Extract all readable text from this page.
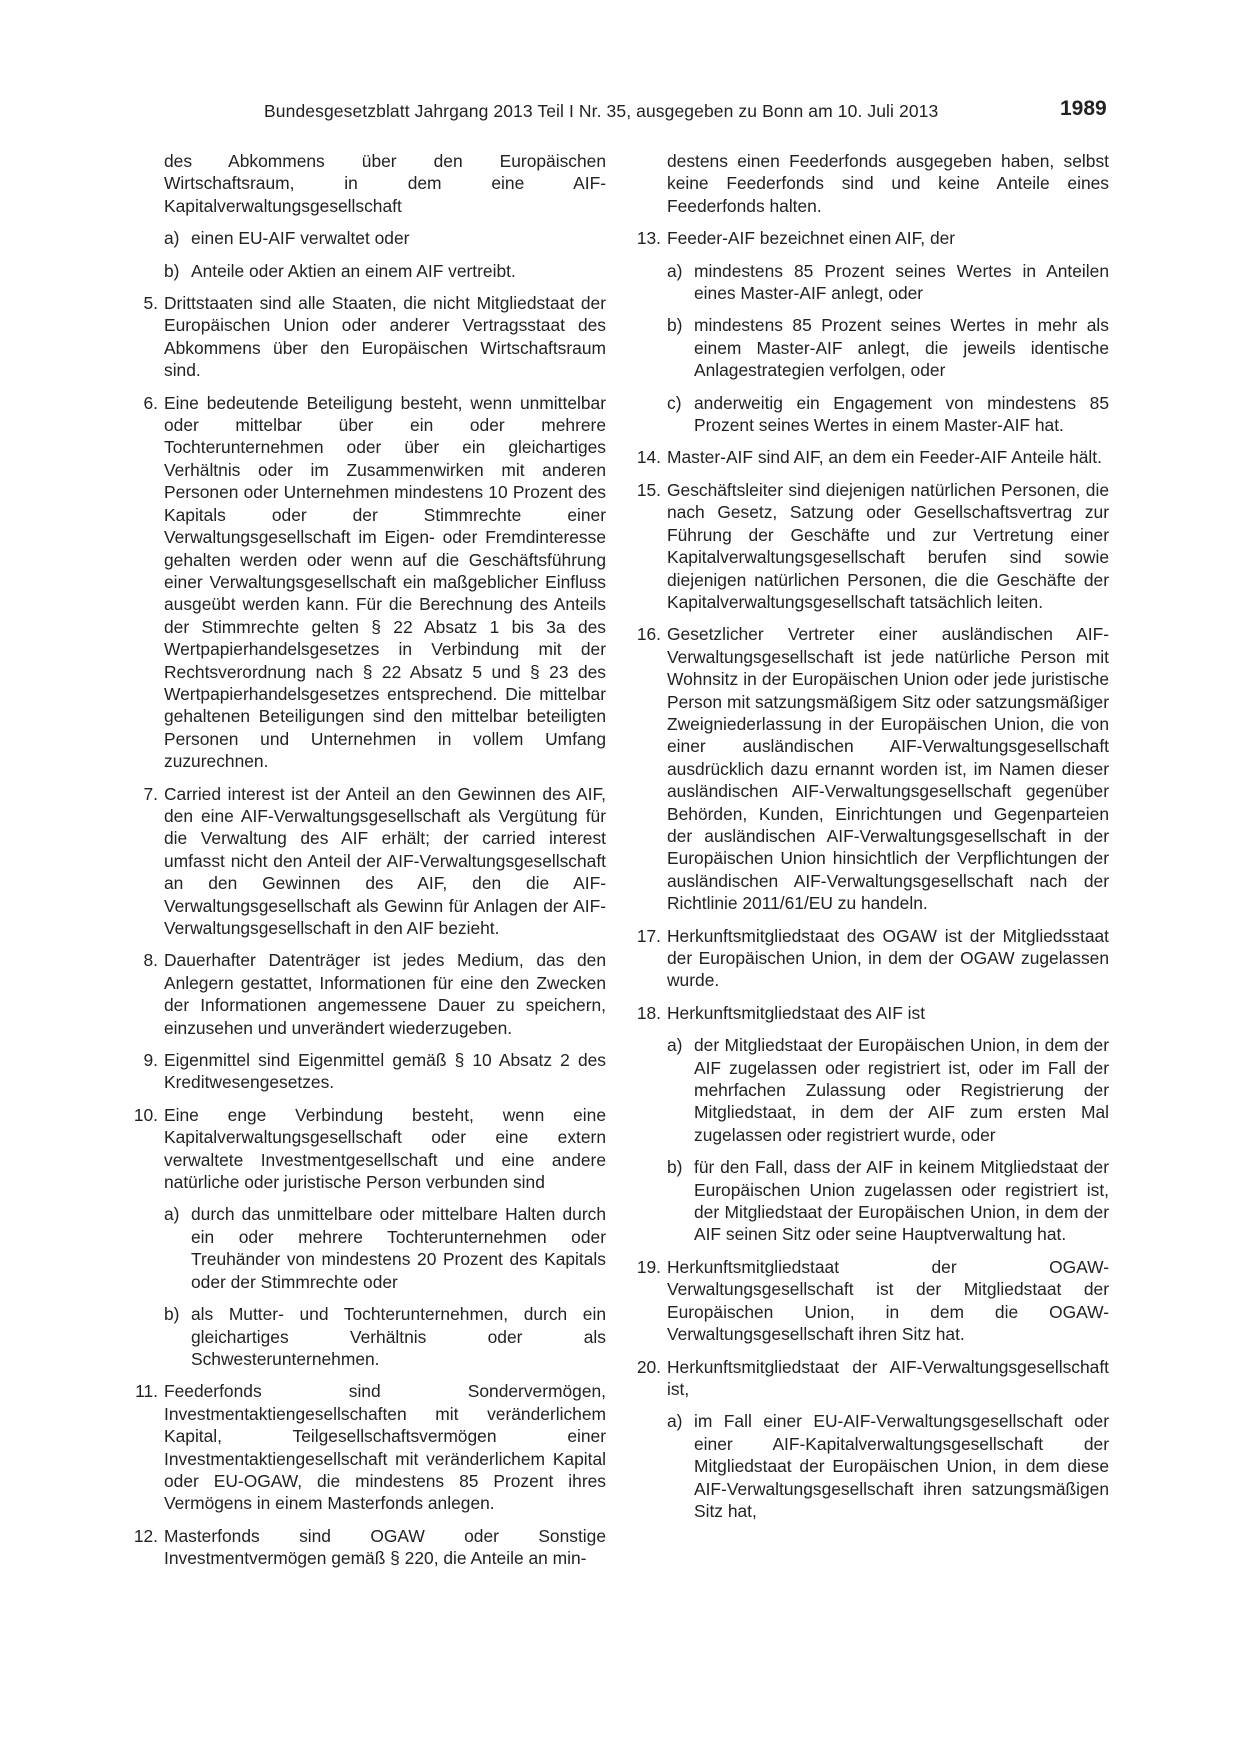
Bundesgesetzblatt Jahrgang 2013 Teil I Nr. 35, ausgegeben zu Bonn am 10. Juli 2013	1989
des Abkommens über den Europäischen Wirtschaftsraum, in dem eine AIF-Kapitalverwaltungsgesellschaft
a) einen EU-AIF verwaltet oder
b) Anteile oder Aktien an einem AIF vertreibt.
5. Drittstaaten sind alle Staaten, die nicht Mitgliedstaat der Europäischen Union oder anderer Vertragsstaat des Abkommens über den Europäischen Wirtschaftsraum sind.
6. Eine bedeutende Beteiligung besteht, wenn unmittelbar oder mittelbar über ein oder mehrere Tochterunternehmen oder über ein gleichartiges Verhältnis oder im Zusammenwirken mit anderen Personen oder Unternehmen mindestens 10 Prozent des Kapitals oder der Stimmrechte einer Verwaltungsgesellschaft im Eigen- oder Fremdinteresse gehalten werden oder wenn auf die Geschäftsführung einer Verwaltungsgesellschaft ein maßgeblicher Einfluss ausgeübt werden kann. Für die Berechnung des Anteils der Stimmrechte gelten § 22 Absatz 1 bis 3a des Wertpapierhandelsgesetzes in Verbindung mit der Rechtsverordnung nach § 22 Absatz 5 und § 23 des Wertpapierhandelsgesetzes entsprechend. Die mittelbar gehaltenen Beteiligungen sind den mittelbar beteiligten Personen und Unternehmen in vollem Umfang zuzurechnen.
7. Carried interest ist der Anteil an den Gewinnen des AIF, den eine AIF-Verwaltungsgesellschaft als Vergütung für die Verwaltung des AIF erhält; der carried interest umfasst nicht den Anteil der AIF-Verwaltungsgesellschaft an den Gewinnen des AIF, den die AIF-Verwaltungsgesellschaft als Gewinn für Anlagen der AIF-Verwaltungsgesellschaft in den AIF bezieht.
8. Dauerhafter Datenträger ist jedes Medium, das den Anlegern gestattet, Informationen für eine den Zwecken der Informationen angemessene Dauer zu speichern, einzusehen und unverändert wiederzugeben.
9. Eigenmittel sind Eigenmittel gemäß § 10 Absatz 2 des Kreditwesengesetzes.
10. Eine enge Verbindung besteht, wenn eine Kapitalverwaltungsgesellschaft oder eine extern verwaltete Investmentgesellschaft und eine andere natürliche oder juristische Person verbunden sind
a) durch das unmittelbare oder mittelbare Halten durch ein oder mehrere Tochterunternehmen oder Treuhänder von mindestens 20 Prozent des Kapitals oder der Stimmrechte oder
b) als Mutter- und Tochterunternehmen, durch ein gleichartiges Verhältnis oder als Schwesterunternehmen.
11. Feederfonds sind Sondervermögen, Investmentaktiengesellschaften mit veränderlichem Kapital, Teilgesellschaftsvermögen einer Investmentaktiengesellschaft mit veränderlichem Kapital oder EU-OGAW, die mindestens 85 Prozent ihres Vermögens in einem Masterfonds anlegen.
12. Masterfonds sind OGAW oder Sonstige Investmentvermögen gemäß § 220, die Anteile an min-
destens einen Feederfonds ausgegeben haben, selbst keine Feederfonds sind und keine Anteile eines Feederfonds halten.
13. Feeder-AIF bezeichnet einen AIF, der
a) mindestens 85 Prozent seines Wertes in Anteilen eines Master-AIF anlegt, oder
b) mindestens 85 Prozent seines Wertes in mehr als einem Master-AIF anlegt, die jeweils identische Anlagestrategien verfolgen, oder
c) anderweitig ein Engagement von mindestens 85 Prozent seines Wertes in einem Master-AIF hat.
14. Master-AIF sind AIF, an dem ein Feeder-AIF Anteile hält.
15. Geschäftsleiter sind diejenigen natürlichen Personen, die nach Gesetz, Satzung oder Gesellschaftsvertrag zur Führung der Geschäfte und zur Vertretung einer Kapitalverwaltungsgesellschaft berufen sind sowie diejenigen natürlichen Personen, die die Geschäfte der Kapitalverwaltungsgesellschaft tatsächlich leiten.
16. Gesetzlicher Vertreter einer ausländischen AIF-Verwaltungsgesellschaft ist jede natürliche Person mit Wohnsitz in der Europäischen Union oder jede juristische Person mit satzungsmäßigem Sitz oder satzungsmäßiger Zweigniederlassung in der Europäischen Union, die von einer ausländischen AIF-Verwaltungsgesellschaft ausdrücklich dazu ernannt worden ist, im Namen dieser ausländischen AIF-Verwaltungsgesellschaft gegenüber Behörden, Kunden, Einrichtungen und Gegenparteien der ausländischen AIF-Verwaltungsgesellschaft in der Europäischen Union hinsichtlich der Verpflichtungen der ausländischen AIF-Verwaltungsgesellschaft nach der Richtlinie 2011/61/EU zu handeln.
17. Herkunftsmitgliedstaat des OGAW ist der Mitgliedsstaat der Europäischen Union, in dem der OGAW zugelassen wurde.
18. Herkunftsmitgliedstaat des AIF ist
a) der Mitgliedstaat der Europäischen Union, in dem der AIF zugelassen oder registriert ist, oder im Fall der mehrfachen Zulassung oder Registrierung der Mitgliedstaat, in dem der AIF zum ersten Mal zugelassen oder registriert wurde, oder
b) für den Fall, dass der AIF in keinem Mitgliedstaat der Europäischen Union zugelassen oder registriert ist, der Mitgliedstaat der Europäischen Union, in dem der AIF seinen Sitz oder seine Hauptverwaltung hat.
19. Herkunftsmitgliedstaat der OGAW-Verwaltungsgesellschaft ist der Mitgliedstaat der Europäischen Union, in dem die OGAW-Verwaltungsgesellschaft ihren Sitz hat.
20. Herkunftsmitgliedstaat der AIF-Verwaltungsgesellschaft ist,
a) im Fall einer EU-AIF-Verwaltungsgesellschaft oder einer AIF-Kapitalverwaltungsgesellschaft der Mitgliedstaat der Europäischen Union, in dem diese AIF-Verwaltungsgesellschaft ihren satzungsmäßigen Sitz hat,
